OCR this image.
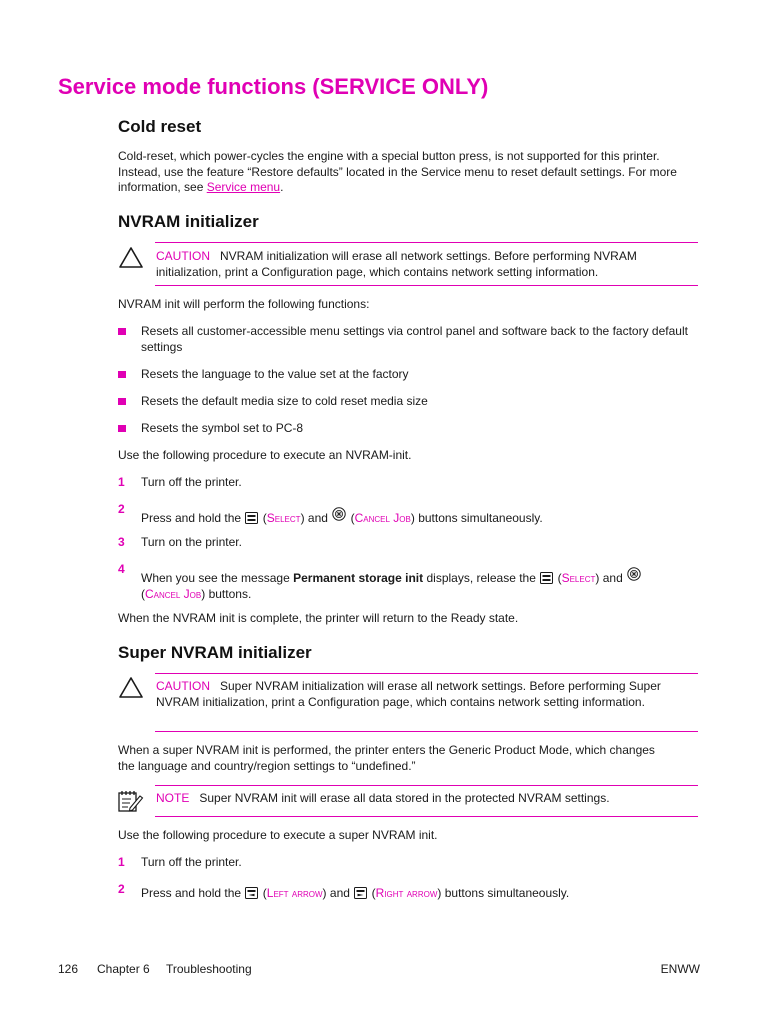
Service mode functions (SERVICE ONLY)
Cold reset
Cold-reset, which power-cycles the engine with a special button press, is not supported for this printer. Instead, use the feature “Restore defaults” located in the Service menu to reset default settings. For more information, see Service menu.
NVRAM initializer
CAUTION NVRAM initialization will erase all network settings. Before performing NVRAM initialization, print a Configuration page, which contains network setting information.
NVRAM init will perform the following functions:
Resets all customer-accessible menu settings via control panel and software back to the factory default settings
Resets the language to the value set at the factory
Resets the default media size to cold reset media size
Resets the symbol set to PC-8
Use the following procedure to execute an NVRAM-init.
1 Turn off the printer.
2
Press and hold the  (Select) and  (Cancel Job) buttons simultaneously.
3 Turn on the printer.
4
When you see the message Permanent storage init displays, release the  (Select) and
(Cancel Job) buttons.
When the NVRAM init is complete, the printer will return to the Ready state.
Super NVRAM initializer
CAUTION Super NVRAM initialization will erase all network settings. Before performing Super NVRAM initialization, print a Configuration page, which contains network setting information.
When a super NVRAM init is performed, the printer enters the Generic Product Mode, which changes the language and country/region settings to “undefined.”
NOTE Super NVRAM init will erase all data stored in the protected NVRAM settings.
Use the following procedure to execute a super NVRAM init.
1 Turn off the printer.
2 Press and hold the  (Left arrow) and  (Right arrow) buttons simultaneously.
126 Chapter 6 Troubleshooting	ENWW
